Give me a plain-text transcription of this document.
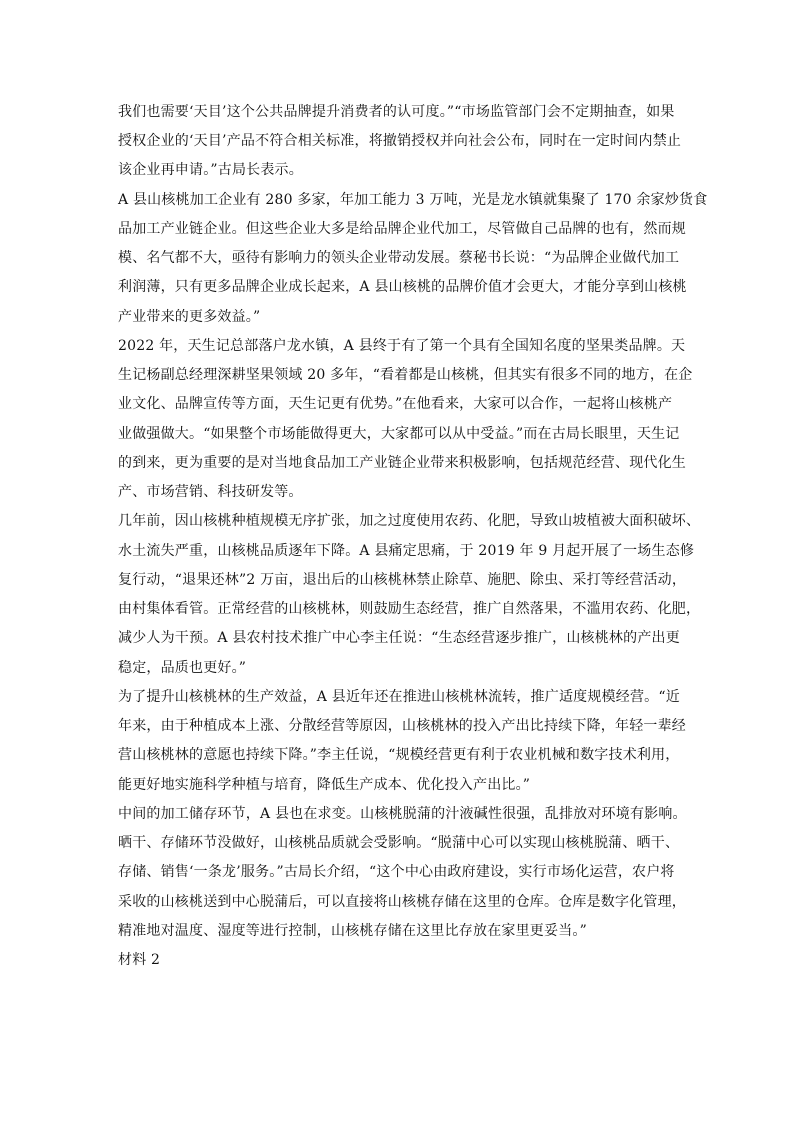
我们也需要‘天目’这个公共品牌提升消费者的认可度。”“市场监管部门会不定期抽查，如果
授权企业的‘天目’产品不符合相关标准，将撤销授权并向社会公布，同时在一定时间内禁止
该企业再申请。”古局长表示。
A 县山核桃加工企业有 280 多家，年加工能力 3 万吨，光是龙水镇就集聚了 170 余家炒货食
品加工产业链企业。但这些企业大多是给品牌企业代加工，尽管做自己品牌的也有，然而规
模、名气都不大，亟待有影响力的领头企业带动发展。蔡秘书长说：“为品牌企业做代加工
利润薄，只有更多品牌企业成长起来，A 县山核桃的品牌价值才会更大，才能分享到山核桃
产业带来的更多效益。”
2022 年，天生记总部落户龙水镇，A 县终于有了第一个具有全国知名度的坚果类品牌。天
生记杨副总经理深耕坚果领域 20 多年，“看着都是山核桃，但其实有很多不同的地方，在企
业文化、品牌宣传等方面，天生记更有优势。”在他看来，大家可以合作，一起将山核桃产
业做强做大。“如果整个市场能做得更大，大家都可以从中受益。”而在古局长眼里，天生记
的到来，更为重要的是对当地食品加工产业链企业带来积极影响，包括规范经营、现代化生
产、市场营销、科技研发等。
几年前，因山核桃种植规模无序扩张，加之过度使用农药、化肥，导致山坡植被大面积破坏、
水土流失严重，山核桃品质逐年下降。A 县痛定思痛，于 2019 年 9 月起开展了一场生态修
复行动，“退果还林”2 万亩，退出后的山核桃林禁止除草、施肥、除虫、采打等经营活动，
由村集体看管。正常经营的山核桃林，则鼓励生态经营，推广自然落果，不滥用农药、化肥，
减少人为干预。A 县农村技术推广中心李主任说：“生态经营逐步推广，山核桃林的产出更
稳定，品质也更好。”
为了提升山核桃林的生产效益，A 县近年还在推进山核桃林流转，推广适度规模经营。“近
年来，由于种植成本上涨、分散经营等原因，山核桃林的投入产出比持续下降，年轻一辈经
营山核桃林的意愿也持续下降。”李主任说，“规模经营更有利于农业机械和数字技术利用，
能更好地实施科学种植与培育，降低生产成本、优化投入产出比。”
中间的加工储存环节，A 县也在求变。山核桃脱蒲的汁液碱性很强，乱排放对环境有影响。
晒干、存储环节没做好，山核桃品质就会受影响。“脱蒲中心可以实现山核桃脱蒲、晒干、
存储、销售‘一条龙’服务。”古局长介绍，“这个中心由政府建设，实行市场化运营，农户将
采收的山核桃送到中心脱蒲后，可以直接将山核桃存储在这里的仓库。仓库是数字化管理，
精准地对温度、湿度等进行控制，山核桃存储在这里比存放在家里更妥当。”
材料 2
